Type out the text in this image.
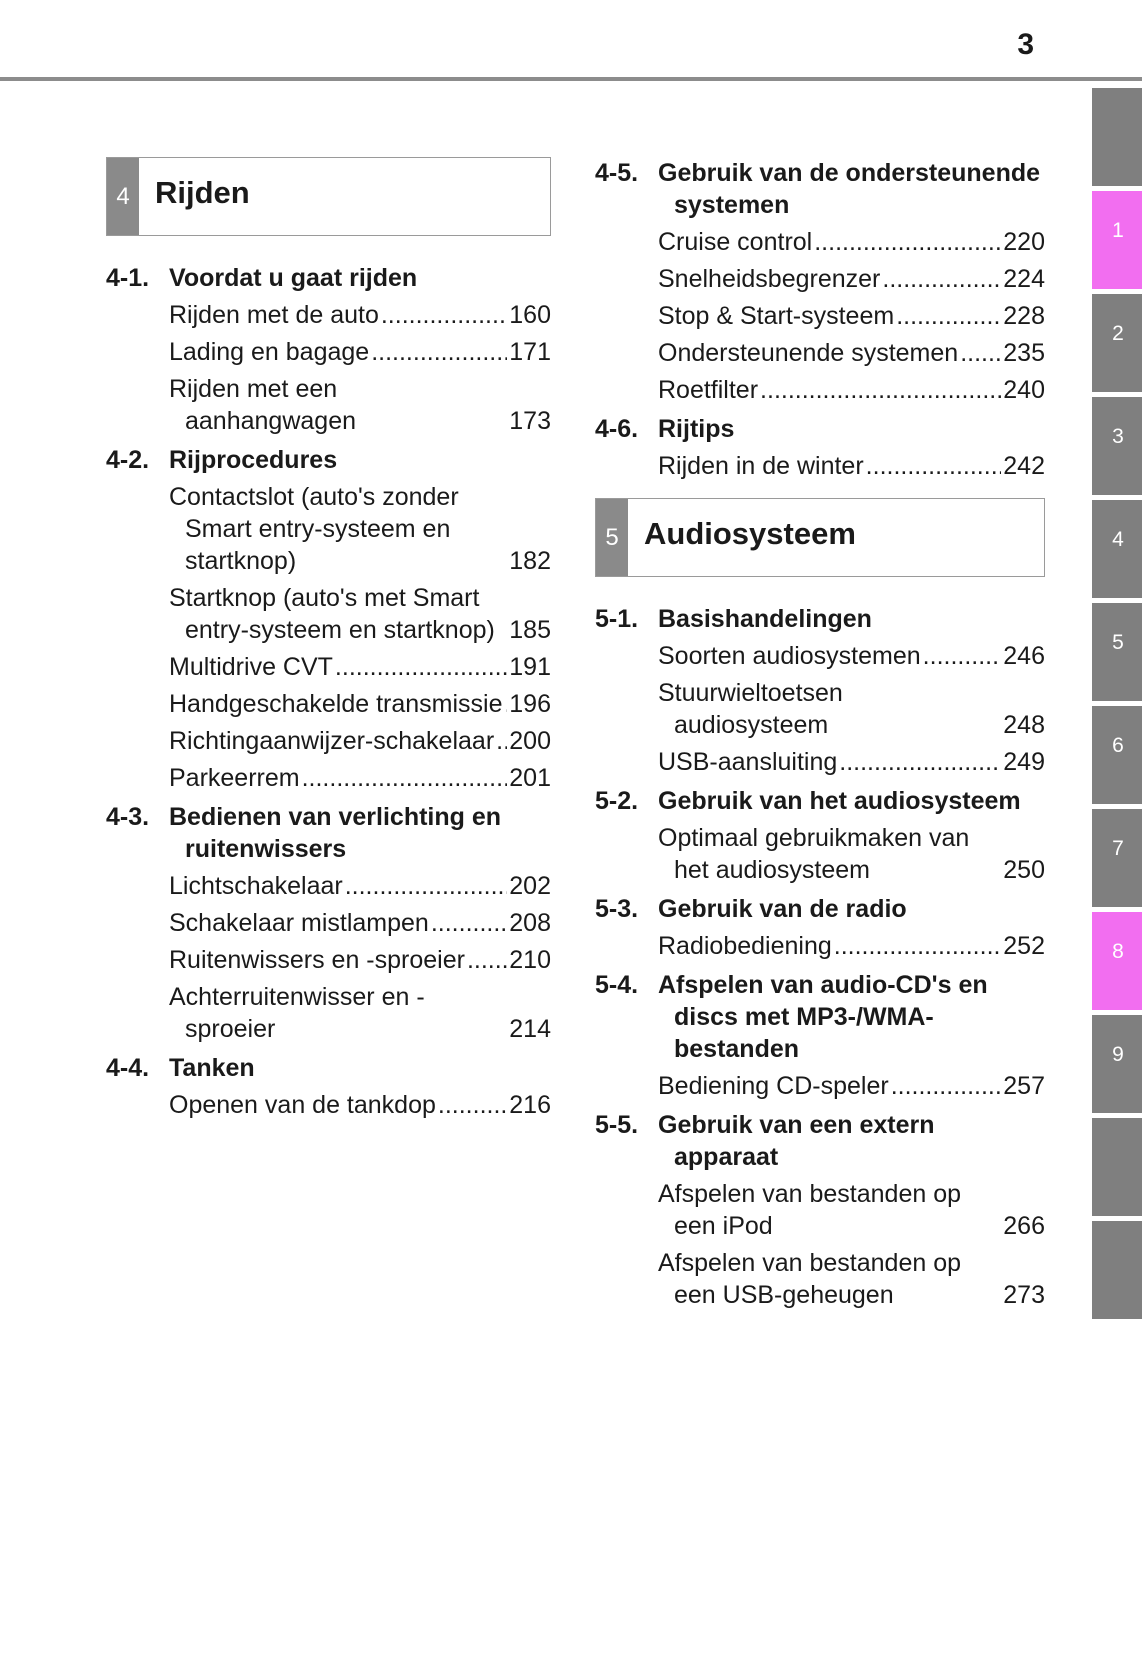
3
4 Rijden
4-1. Voordat u gaat rijden
Rijden met de auto .....	160
Lading en bagage .....	171
Rijden met een aanhangwagen	173
4-2. Rijprocedures
Contactslot (auto's zonder Smart entry-systeem en startknop)	182
Startknop (auto's met Smart entry-systeem en startknop) 185
Multidrive CVT .....	191
Handgeschakelde transmissie ..... 196
Richtingaanwijzer-schakelaar ..... 200
Parkeerrem .....	201
4-3. Bedienen van verlichting en ruitenwissers
Lichtschakelaar .....	202
Schakelaar mistlampen .....	208
Ruitenwissers en -sproeier ..... 210
Achterruitenwisser en -sproeier	214
4-4. Tanken
Openen van de tankdop .....	216
4-5. Gebruik van de ondersteunende systemen
Cruise control .....	220
Snelheidsbegrenzer .....	224
Stop & Start-systeem .....	228
Ondersteunende systemen ..... 235
Roetfilter .....	240
4-6. Rijtips
Rijden in de winter .....	242
5 Audiosysteem
5-1. Basishandelingen
Soorten audiosystemen .....	246
Stuurwieltoetsen audiosysteem	248
USB-aansluiting .....	249
5-2. Gebruik van het audiosysteem
Optimaal gebruikmaken van het audiosysteem	250
5-3. Gebruik van de radio
Radiobediening .....	252
5-4. Afspelen van audio-CD's en discs met MP3-/WMA-bestanden
Bediening CD-speler .....	257
5-5. Gebruik van een extern apparaat
Afspelen van bestanden op een iPod	266
Afspelen van bestanden op een USB-geheugen	273
1
2
3
4
5
6
7
8
9
